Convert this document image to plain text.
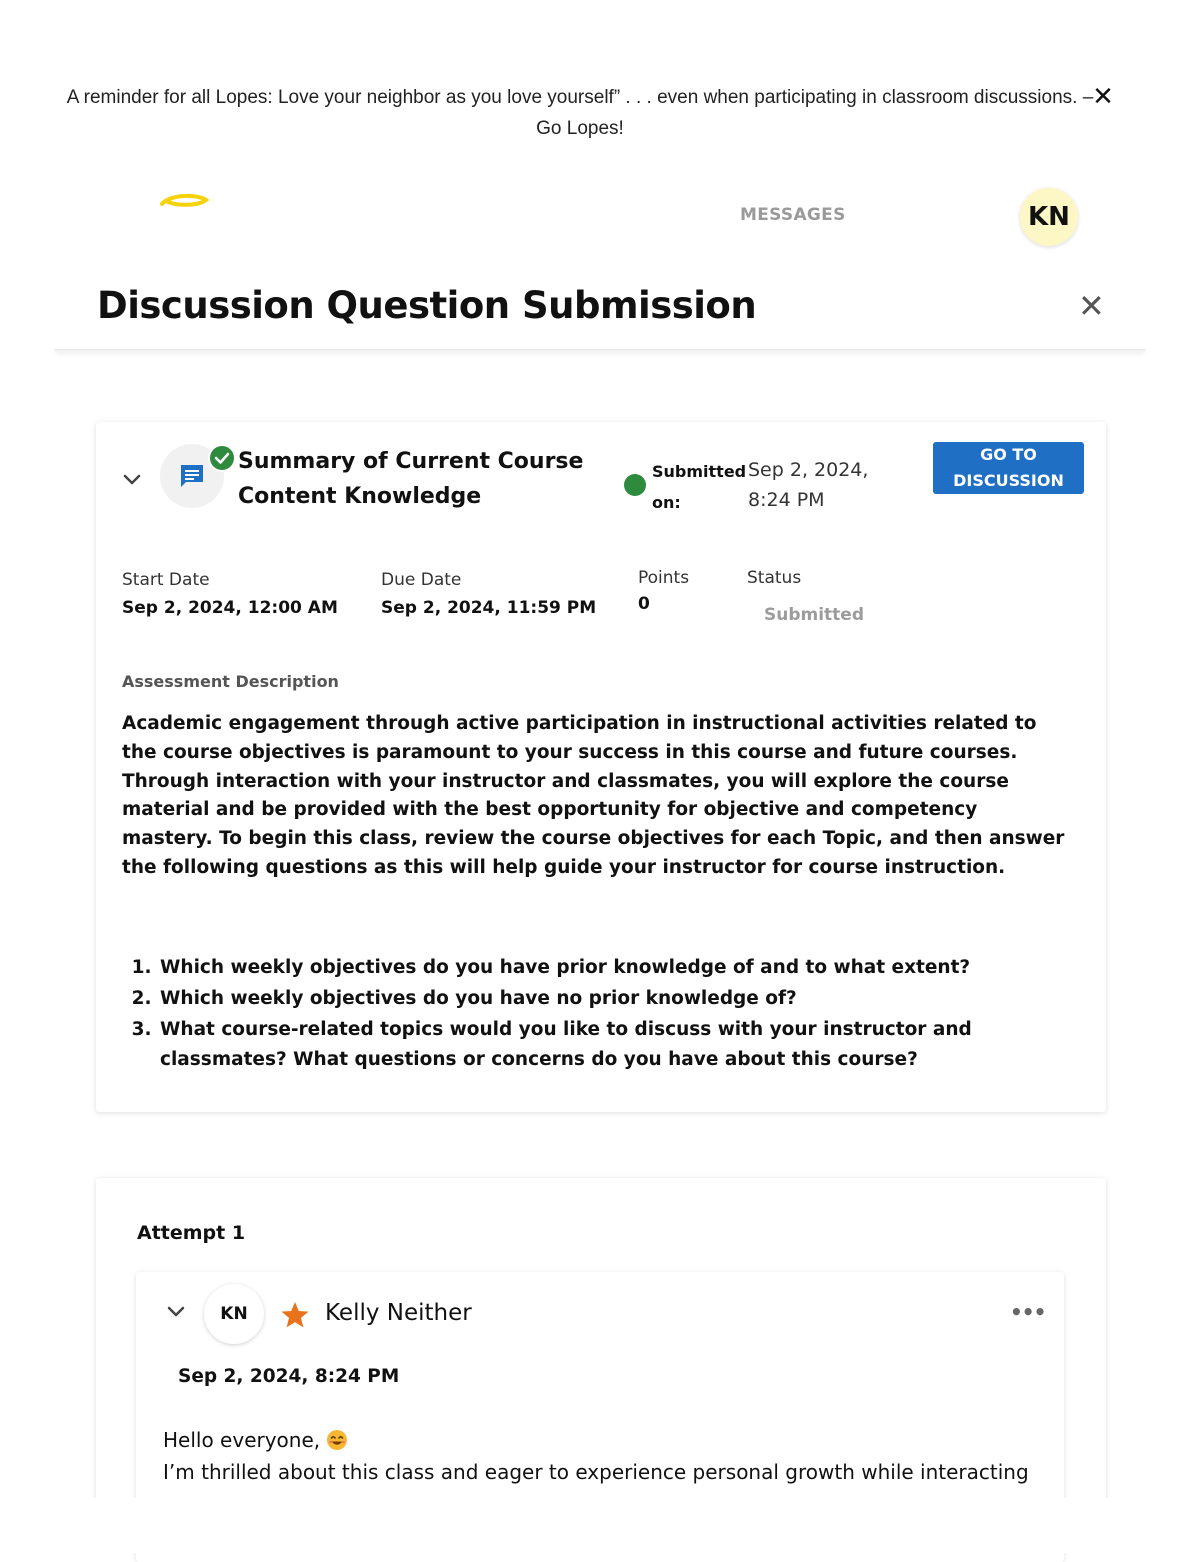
A reminder for all Lopes: Love your neighbor as you love yourself” . . . even when participating in classroom discussions. – Go Lopes!
✕
MESSAGES	KN
Discussion Question Submission	✕
Summary of Current Course Content Knowledge
Submitted on:
Sep 2, 2024, 8:24 PM
GO TO DISCUSSION
Start Date
Sep 2, 2024, 12:00 AM
Due Date
Sep 2, 2024, 11:59 PM
Points
0
Status
Submitted
Assessment Description
Academic engagement through active participation in instructional activities related to the course objectives is paramount to your success in this course and future courses. Through interaction with your instructor and classmates, you will explore the course material and be provided with the best opportunity for objective and competency mastery. To begin this class, review the course objectives for each Topic, and then answer the following questions as this will help guide your instructor for course instruction.
1. Which weekly objectives do you have prior knowledge of and to what extent?
2. Which weekly objectives do you have no prior knowledge of?
3. What course-related topics would you like to discuss with your instructor and classmates? What questions or concerns do you have about this course?
Attempt 1
KN	Kelly Neither	•••
Sep 2, 2024, 8:24 PM
Hello everyone,
I’m thrilled about this class and eager to experience personal growth while interacting
